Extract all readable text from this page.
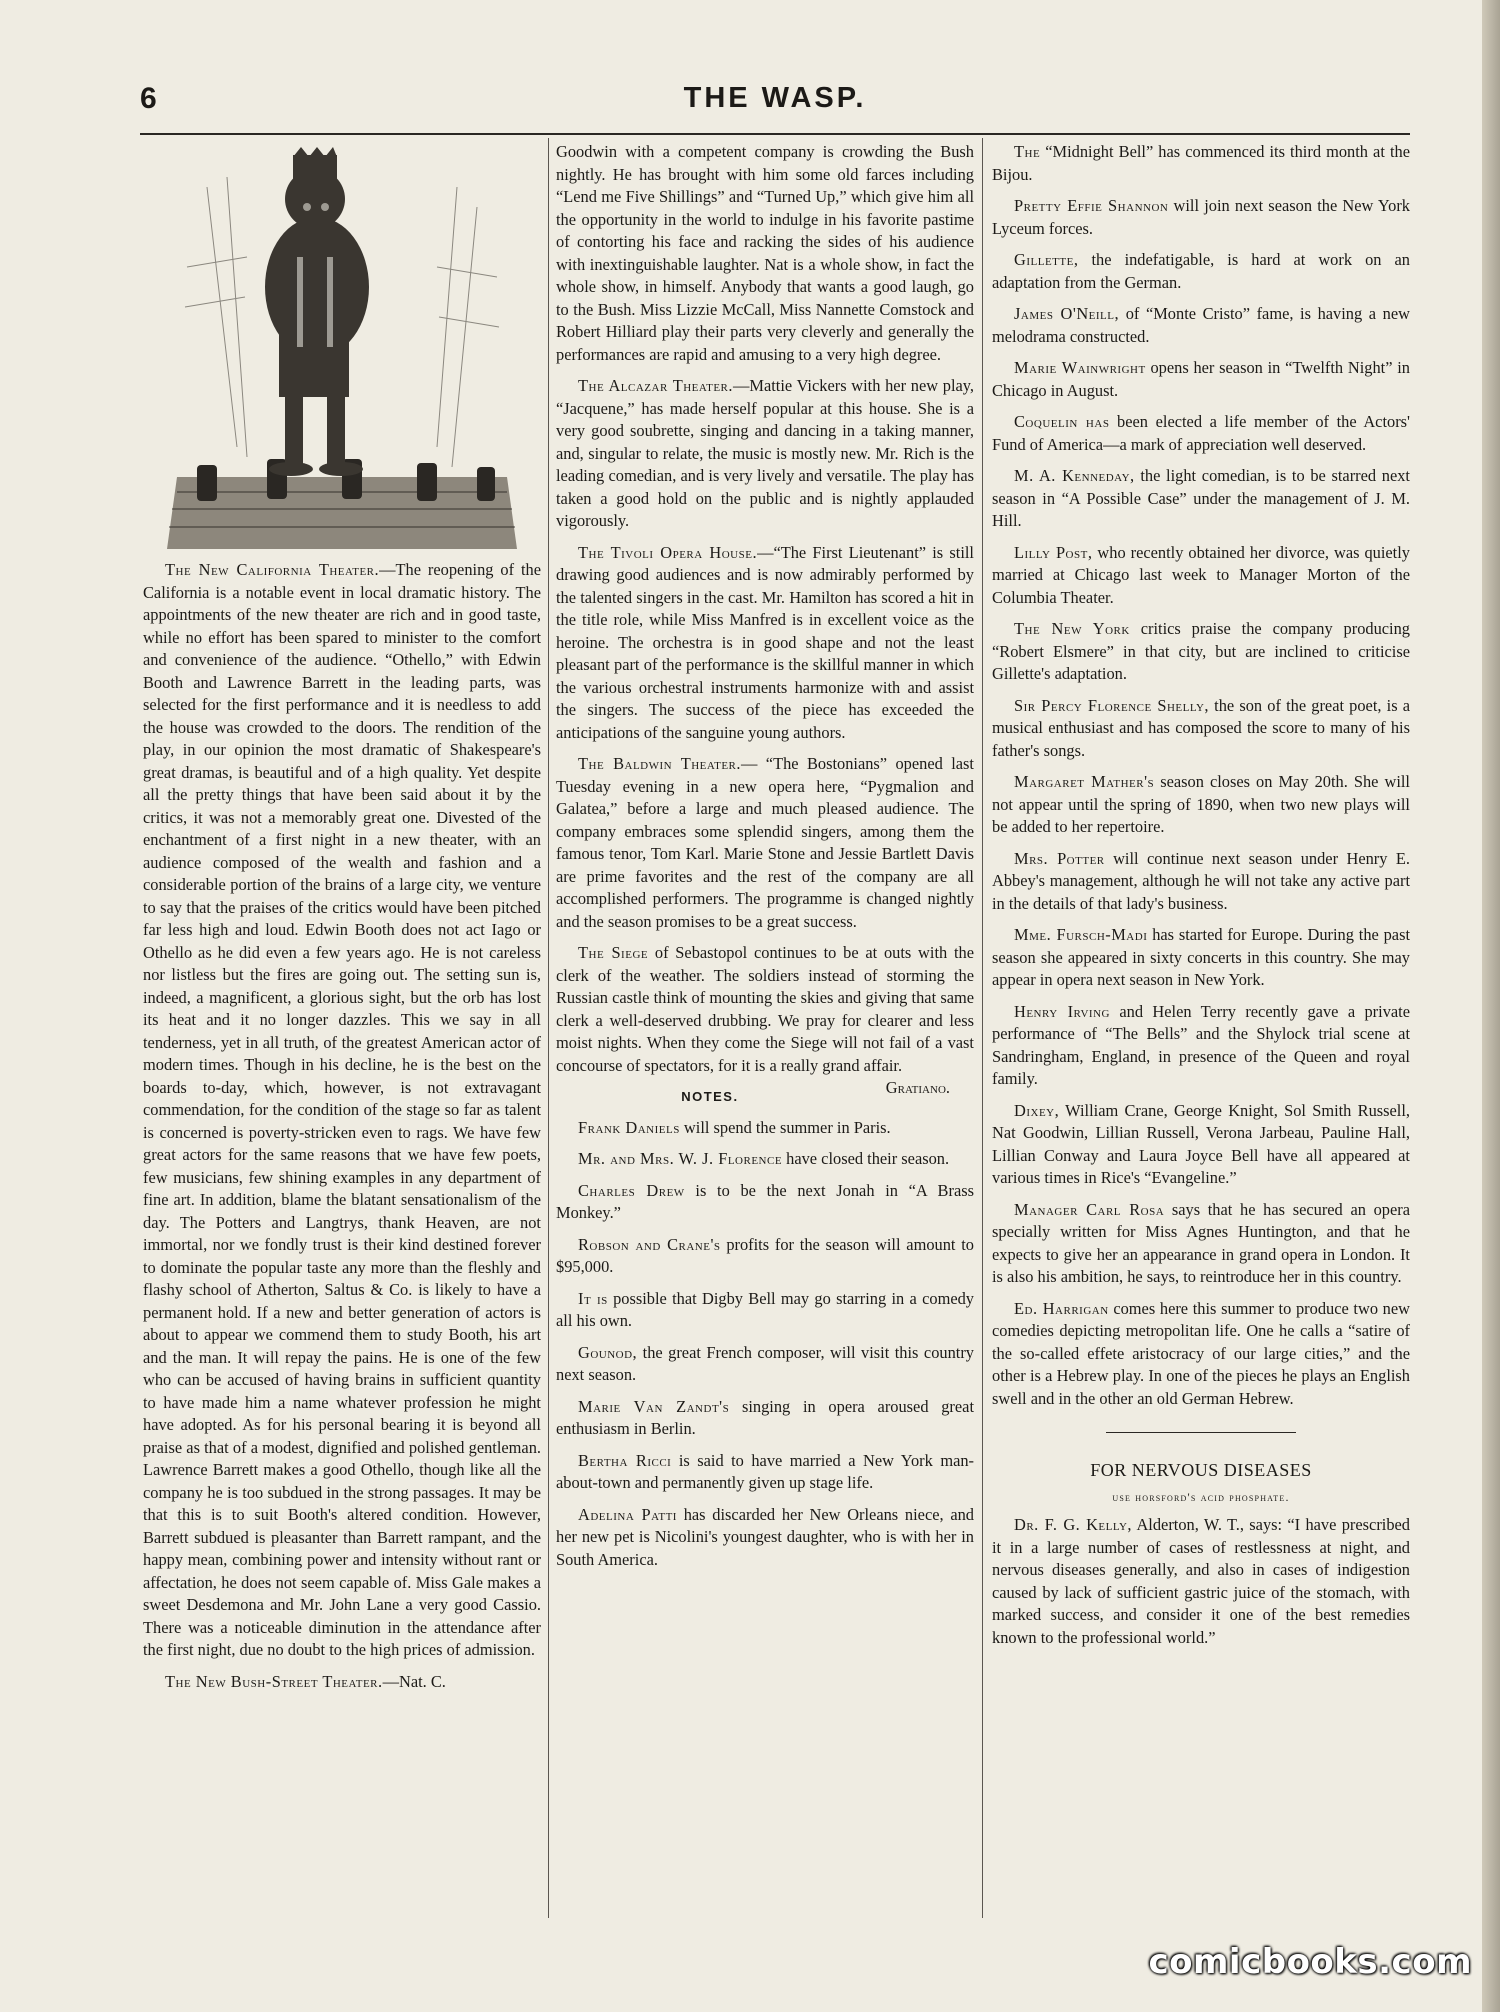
6	THE WASP.

The New California Theater.—The reopening of the California is a notable event in local dramatic history. The appointments of the new theater are rich and in good taste, while no effort has been spared to minister to the comfort and convenience of the audience. “Othello,” with Edwin Booth and Lawrence Barrett in the leading parts, was selected for the first performance and it is needless to add the house was crowded to the doors. The rendition of the play, in our opinion the most dramatic of Shakespeare's great dramas, is beautiful and of a high quality. Yet despite all the pretty things that have been said about it by the critics, it was not a memorably great one. Divested of the enchantment of a first night in a new theater, with an audience composed of the wealth and fashion and a considerable portion of the brains of a large city, we venture to say that the praises of the critics would have been pitched far less high and loud. Edwin Booth does not act Iago or Othello as he did even a few years ago. He is not careless nor listless but the fires are going out. The setting sun is, indeed, a magnificent, a glorious sight, but the orb has lost its heat and it no longer dazzles. This we say in all tenderness, yet in all truth, of the greatest American actor of modern times. Though in his decline, he is the best on the boards to-day, which, however, is not extravagant commendation, for the condition of the stage so far as talent is concerned is poverty-stricken even to rags. We have few great actors for the same reasons that we have few poets, few musicians, few shining examples in any department of fine art. In addition, blame the blatant sensationalism of the day. The Potters and Langtrys, thank Heaven, are not immortal, nor we fondly trust is their kind destined forever to dominate the popular taste any more than the fleshly and flashy school of Atherton, Saltus & Co. is likely to have a permanent hold. If a new and better generation of actors is about to appear we commend them to study Booth, his art and the man. It will repay the pains. He is one of the few who can be accused of having brains in sufficient quantity to have made him a name whatever profession he might have adopted. As for his personal bearing it is beyond all praise as that of a modest, dignified and polished gentleman. Lawrence Barrett makes a good Othello, though like all the company he is too subdued in the strong passages. It may be that this is to suit Booth's altered condition. However, Barrett subdued is pleasanter than Barrett rampant, and the happy mean, combining power and intensity without rant or affectation, he does not seem capable of. Miss Gale makes a sweet Desdemona and Mr. John Lane a very good Cassio. There was a noticeable diminution in the attendance after the first night, due no doubt to the high prices of admission.

The New Bush-Street Theater.—Nat. C.

Goodwin with a competent company is crowding the Bush nightly. He has brought with him some old farces including “Lend me Five Shillings” and “Turned Up,” which give him all the opportunity in the world to indulge in his favorite pastime of contorting his face and racking the sides of his audience with inextinguishable laughter. Nat is a whole show, in fact the whole show, in himself. Anybody that wants a good laugh, go to the Bush. Miss Lizzie McCall, Miss Nannette Comstock and Robert Hilliard play their parts very cleverly and generally the performances are rapid and amusing to a very high degree.

The Alcazar Theater.—Mattie Vickers with her new play, “Jacquene,” has made herself popular at this house. She is a very good soubrette, singing and dancing in a taking manner, and, singular to relate, the music is mostly new. Mr. Rich is the leading comedian, and is very lively and versatile. The play has taken a good hold on the public and is nightly applauded vigorously.

The Tivoli Opera House.—“The First Lieutenant” is still drawing good audiences and is now admirably performed by the talented singers in the cast. Mr. Hamilton has scored a hit in the title role, while Miss Manfred is in excellent voice as the heroine. The orchestra is in good shape and not the least pleasant part of the performance is the skillful manner in which the various orchestral instruments harmonize with and assist the singers. The success of the piece has exceeded the anticipations of the sanguine young authors.

The Baldwin Theater.— “The Bostonians” opened last Tuesday evening in a new opera here, “Pygmalion and Galatea,” before a large and much pleased audience. The company embraces some splendid singers, among them the famous tenor, Tom Karl. Marie Stone and Jessie Bartlett Davis are prime favorites and the rest of the company are all accomplished performers. The programme is changed nightly and the season promises to be a great success.

The Siege of Sebastopol continues to be at outs with the clerk of the weather. The soldiers instead of storming the Russian castle think of mounting the skies and giving that same clerk a well-deserved drubbing. We pray for clearer and less moist nights. When they come the Siege will not fail of a vast concourse of spectators, for it is a really grand affair.
Gratiano.

NOTES.

Frank Daniels will spend the summer in Paris.

Mr. and Mrs. W. J. Florence have closed their season.

Charles Drew is to be the next Jonah in “A Brass Monkey.”

Robson and Crane's profits for the season will amount to $95,000.

It is possible that Digby Bell may go starring in a comedy all his own.

Gounod, the great French composer, will visit this country next season.

Marie Van Zandt's singing in opera aroused great enthusiasm in Berlin.

Bertha Ricci is said to have married a New York man-about-town and permanently given up stage life.

Adelina Patti has discarded her New Orleans niece, and her new pet is Nicolini's youngest daughter, who is with her in South America.

The “Midnight Bell” has commenced its third month at the Bijou.

Pretty Effie Shannon will join next season the New York Lyceum forces.

Gillette, the indefatigable, is hard at work on an adaptation from the German.

James O'Neill, of “Monte Cristo” fame, is having a new melodrama constructed.

Marie Wainwright opens her season in “Twelfth Night” in Chicago in August.

Coquelin has been elected a life member of the Actors' Fund of America—a mark of appreciation well deserved.

M. A. Kenneday, the light comedian, is to be starred next season in “A Possible Case” under the management of J. M. Hill.

Lilly Post, who recently obtained her divorce, was quietly married at Chicago last week to Manager Morton of the Columbia Theater.

The New York critics praise the company producing “Robert Elsmere” in that city, but are inclined to criticise Gillette's adaptation.

Sir Percy Florence Shelly, the son of the great poet, is a musical enthusiast and has composed the score to many of his father's songs.

Margaret Mather's season closes on May 20th. She will not appear until the spring of 1890, when two new plays will be added to her repertoire.

Mrs. Potter will continue next season under Henry E. Abbey's management, although he will not take any active part in the details of that lady's business.

Mme. Fursch-Madi has started for Europe. During the past season she appeared in sixty concerts in this country. She may appear in opera next season in New York.

Henry Irving and Helen Terry recently gave a private performance of “The Bells” and the Shylock trial scene at Sandringham, England, in presence of the Queen and royal family.

Dixey, William Crane, George Knight, Sol Smith Russell, Nat Goodwin, Lillian Russell, Verona Jarbeau, Pauline Hall, Lillian Conway and Laura Joyce Bell have all appeared at various times in Rice's “Evangeline.”

Manager Carl Rosa says that he has secured an opera specially written for Miss Agnes Huntington, and that he expects to give her an appearance in grand opera in London. It is also his ambition, he says, to reintroduce her in this country.

Ed. Harrigan comes here this summer to produce two new comedies depicting metropolitan life. One he calls a “satire of the so-called effete aristocracy of our large cities,” and the other is a Hebrew play. In one of the pieces he plays an English swell and in the other an old German Hebrew.

FOR NERVOUS DISEASES
use horsford's acid phosphate.

Dr. F. G. Kelly, Alderton, W. T., says: “I have prescribed it in a large number of cases of restlessness at night, and nervous diseases generally, and also in cases of indigestion caused by lack of sufficient gastric juice of the stomach, with marked success, and consider it one of the best remedies known to the professional world.”

comicbooks.com
